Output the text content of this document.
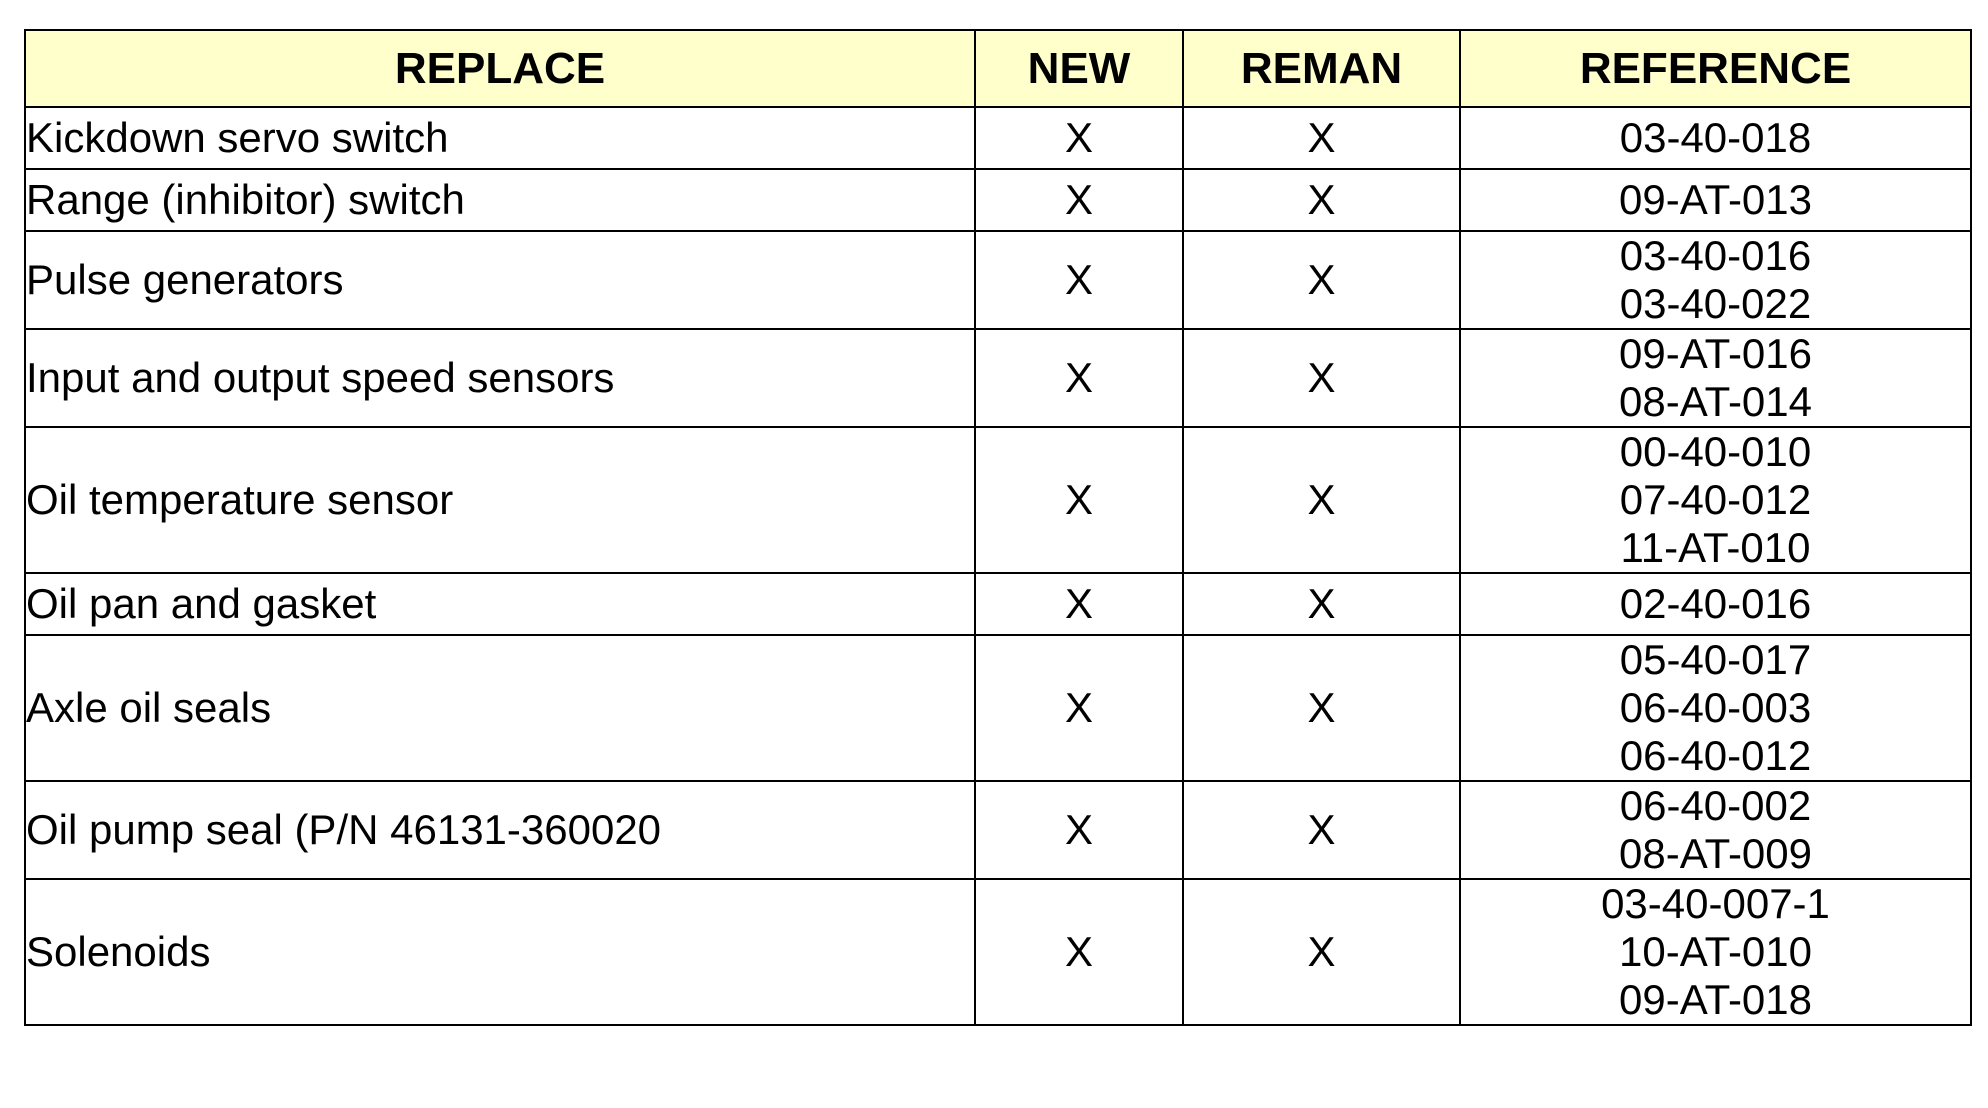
REPLACE	NEW	REMAN	REFERENCE
Kickdown servo switch	X	X	03-40-018

Range (inhibitor) switch	X	X	09-AT-013

Pulse generators	X	X	03-40-016
03-40-022

Input and output speed sensors	X	X	09-AT-016
08-AT-014

Oil temperature sensor	X	X	00-40-010
07-40-012
11-AT-010

Oil pan and gasket	X	X	02-40-016

Axle oil seals	X	X	05-40-017
06-40-003
06-40-012

Oil pump seal (P/N 46131-360020	X	X	06-40-002
08-AT-009

Solenoids	X	X	03-40-007-1
10-AT-010
09-AT-018
